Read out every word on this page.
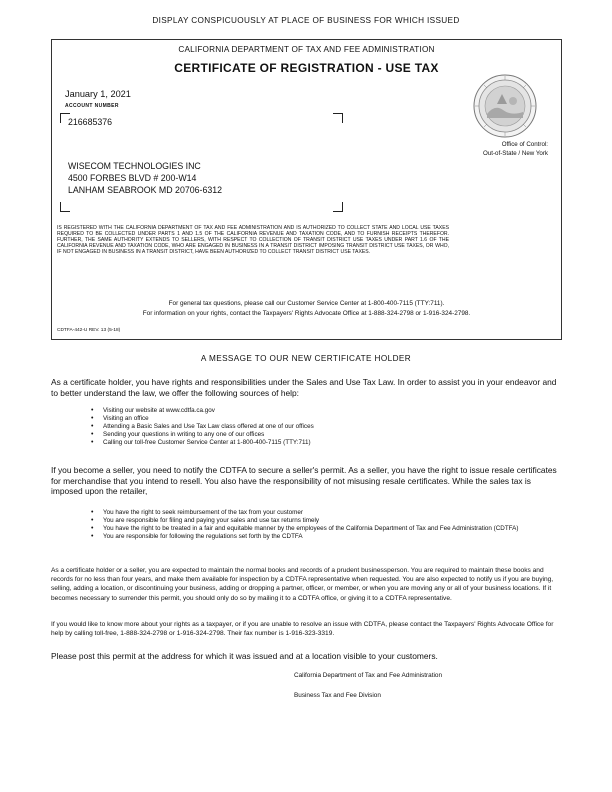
DISPLAY CONSPICUOUSLY AT PLACE OF BUSINESS FOR WHICH ISSUED
CALIFORNIA DEPARTMENT OF TAX AND FEE ADMINISTRATION
CERTIFICATE OF REGISTRATION - USE TAX
January 1, 2021
ACCOUNT NUMBER
216685376
Office of Control:
Out-of-State / New York
WISECOM TECHNOLOGIES INC
4500 FORBES BLVD # 200-W14
LANHAM SEABROOK MD 20706-6312
IS REGISTERED WITH THE CALIFORNIA DEPARTMENT OF TAX AND FEE ADMINISTRATION AND IS AUTHORIZED TO COLLECT STATE AND LOCAL USE TAXES REQUIRED TO BE COLLECTED UNDER PARTS 1 AND 1.5 OF THE CALIFORNIA REVENUE AND TAXATION CODE, AND TO FURNISH RECEIPTS THEREFOR. FURTHER, THE SAME AUTHORITY EXTENDS TO SELLERS, WITH RESPECT TO COLLECTION OF TRANSIT DISTRICT USE TAXES UNDER PART 1.6 OF THE CALIFORNIA REVENUE AND TAXATION CODE, WHO ARE ENGAGED IN BUSINESS IN A TRANSIT DISTRICT IMPOSING TRANSIT DISTRICT USE TAXES, OR WHO, IF NOT ENGAGED IN BUSINESS IN A TRANSIT DISTRICT, HAVE BEEN AUTHORIZED TO COLLECT TRANSIT DISTRICT USE TAXES.
For general tax questions, please call our Customer Service Center at 1-800-400-7115 (TTY:711).
For information on your rights, contact the Taxpayers' Rights Advocate Office at 1-888-324-2798 or 1-916-324-2798.
CDTFA-442-U REV. 13 (5-18)
A MESSAGE TO OUR NEW CERTIFICATE HOLDER
As a certificate holder, you have rights and responsibilities under the Sales and Use Tax Law. In order to assist you in your endeavor and to better understand the law, we offer the following sources of help:
• Visiting our website at www.cdtfa.ca.gov
• Visiting an office
• Attending a Basic Sales and Use Tax Law class offered at one of our offices
• Sending your questions in writing to any one of our offices
• Calling our toll-free Customer Service Center at 1-800-400-7115 (TTY:711)
If you become a seller, you need to notify the CDTFA to secure a seller's permit. As a seller, you have the right to issue resale certificates for merchandise that you intend to resell. You also have the responsibility of not misusing resale certificates. While the sales tax is imposed upon the retailer,
• You have the right to seek reimbursement of the tax from your customer
• You are responsible for filing and paying your sales and use tax returns timely
• You have the right to be treated in a fair and equitable manner by the employees of the California Department of Tax and Fee Administration (CDTFA)
• You are responsible for following the regulations set forth by the CDTFA
As a certificate holder or a seller, you are expected to maintain the normal books and records of a prudent businessperson. You are required to maintain these books and records for no less than four years, and make them available for inspection by a CDTFA representative when requested. You are also expected to notify us if you are buying, selling, adding a location, or discontinuing your business, adding or dropping a partner, officer, or member, or when you are moving any or all of your business locations. If it becomes necessary to surrender this permit, you should only do so by mailing it to a CDTFA office, or giving it to a CDTFA representative.
If you would like to know more about your rights as a taxpayer, or if you are unable to resolve an issue with CDTFA, please contact the Taxpayers' Rights Advocate Office for help by calling toll-free, 1-888-324-2798 or 1-916-324-2798. Their fax number is 1-916-323-3319.
Please post this permit at the address for which it was issued and at a location visible to your customers.
California Department of Tax and Fee Administration
Business Tax and Fee Division
